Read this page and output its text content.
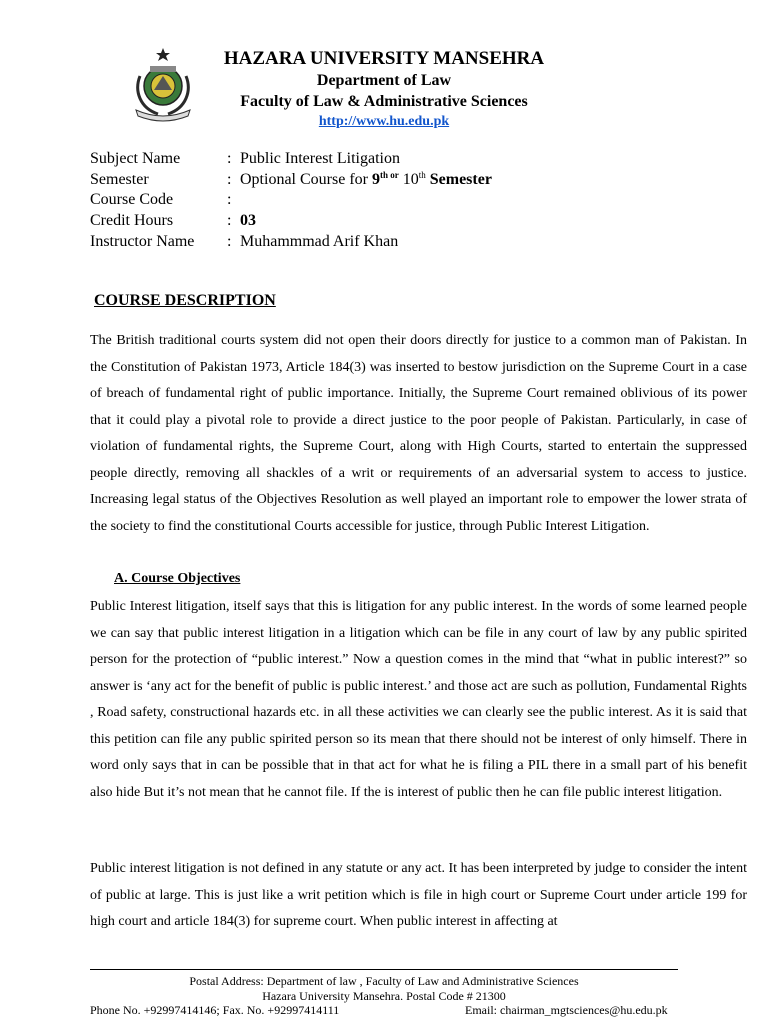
HAZARA UNIVERSITY MANSEHRA
Department of Law
Faculty of Law & Administrative Sciences
http://www.hu.edu.pk
Subject Name	: Public Interest Litigation
Semester	: Optional Course for $9^{th or}$ 10th Semester
Course Code	:
Credit Hours	: 03
Instructor Name : Muhammmad Arif Khan
COURSE DESCRIPTION

The British traditional courts system did not open their doors directly for justice to a common man of Pakistan. In the Constitution of Pakistan 1973, Article 184(3) was inserted to bestow jurisdiction on the Supreme Court in a case of breach of fundamental right of public importance. Initially, the Supreme Court remained oblivious of its power that it could play a pivotal role to provide a direct justice to the poor people of Pakistan. Particularly, in case of violation of fundamental rights, the Supreme Court, along with High Courts, started to entertain the suppressed people directly, removing all shackles of a writ or requirements of an adversarial system to access to justice. Increasing legal status of the Objectives Resolution as well played an important role to empower the lower strata of the society to find the constitutional Courts accessible for justice, through Public Interest Litigation.

A. Course Objectives

Public Interest litigation, itself says that this is litigation for any public interest. In the words of some learned people we can say that public interest litigation in a litigation which can be file in any court of law by any public spirited person for the protection of “public interest.” Now a question comes in the mind that “what in public interest?” so answer is ‘any act for the benefit of public is public interest.’ and those act are such as pollution, Fundamental Rights , Road safety, constructional hazards etc. in all these activities we can clearly see the public interest. As it is said that this petition can file any public spirited person so its mean that there should not be interest of only himself. There in word only says that in can be possible that in that act for what he is filing a PIL there in a small part of his benefit also hide But it’s not mean that he cannot file. If the is interest of public then he can file public interest litigation.

Public interest litigation is not defined in any statute or any act. It has been interpreted by judge to consider the intent of public at large. This is just like a writ petition which is file in high court or Supreme Court under article 199 for high court and article 184(3) for supreme court. When public interest in affecting at

Postal Address: Department of law , Faculty of Law and Administrative Sciences
Hazara University Mansehra. Postal Code # 21300
Phone No. +92997414146; Fax. No. +92997414111	Email: chairman_mgtsciences@hu.edu.pk
